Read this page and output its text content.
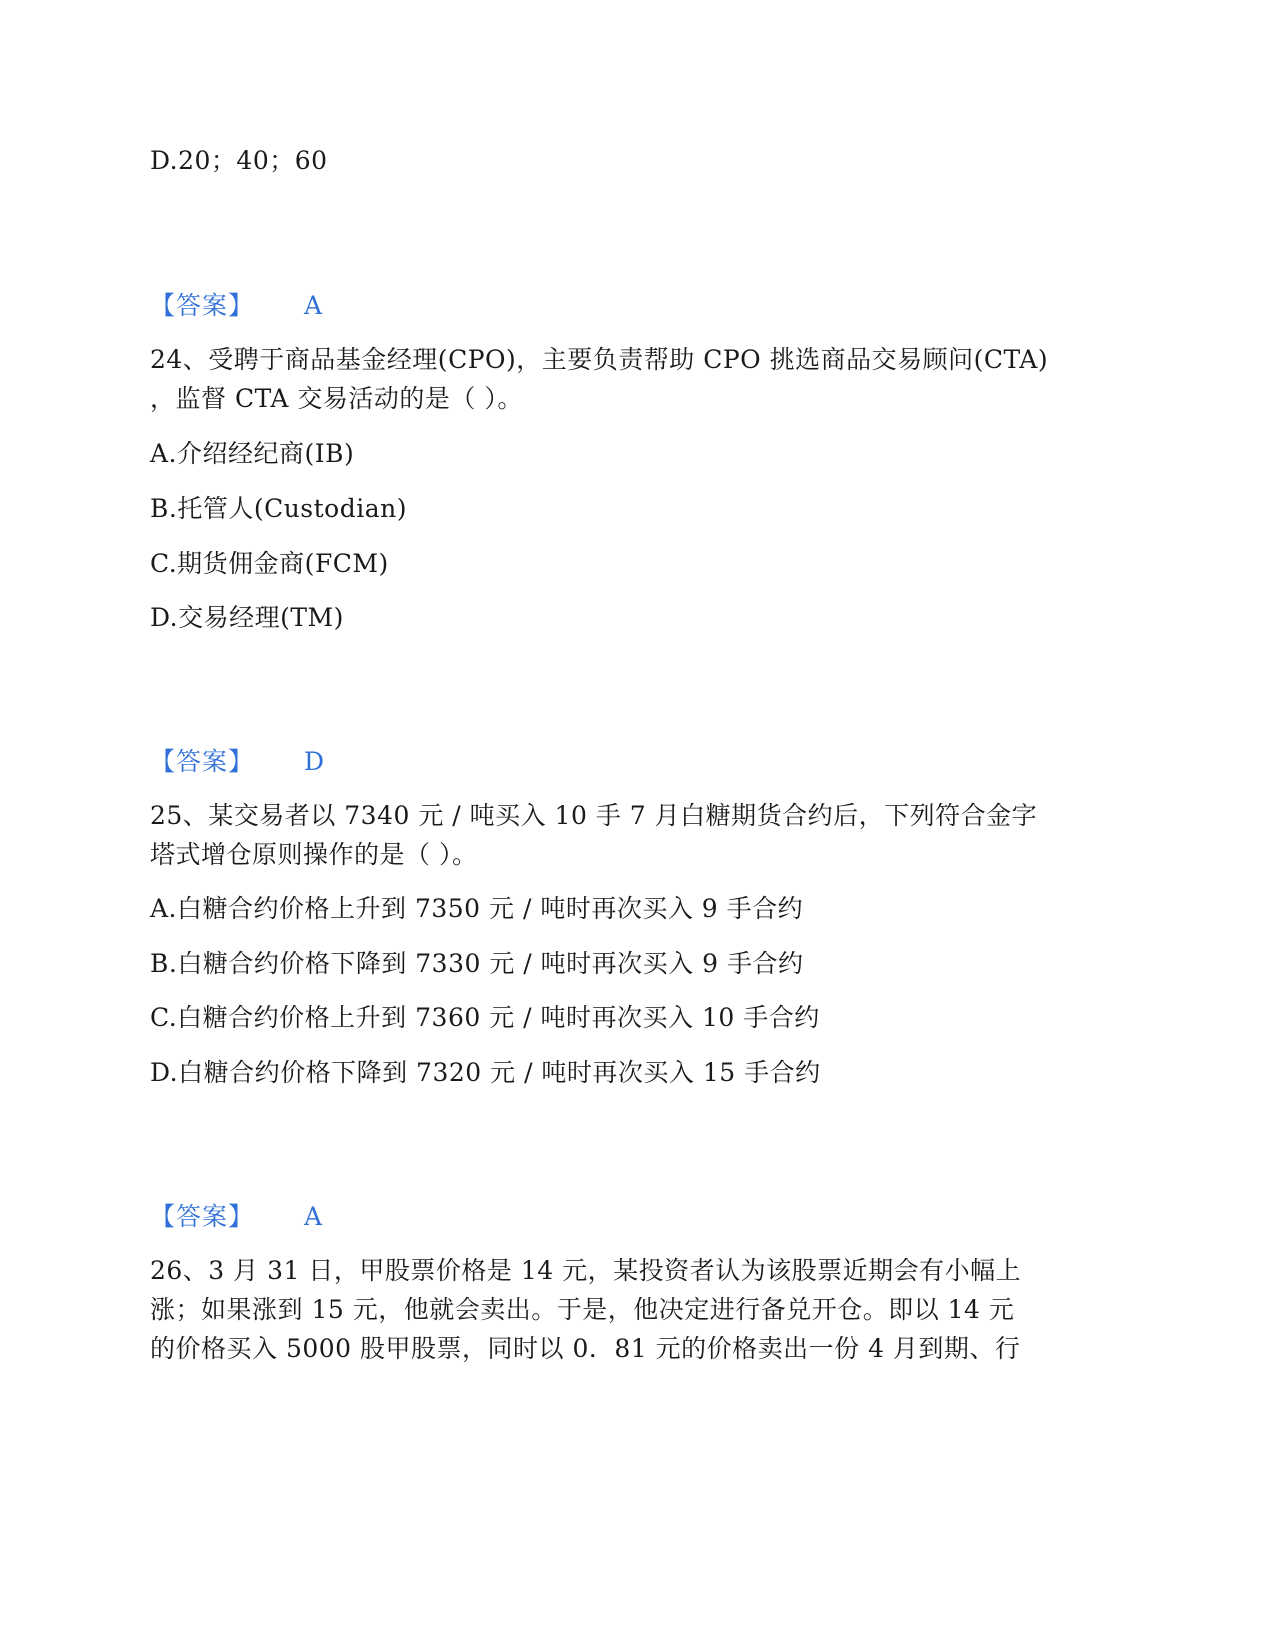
D.20；40；60
【答案】 A
24、受聘于商品基金经理(CPO)，主要负责帮助 CPO 挑选商品交易顾问(CTA)
，监督 CTA 交易活动的是（ ）。
A.介绍经纪商(IB)
B.托管人(Custodian)
C.期货佣金商(FCM)
D.交易经理(TM)
【答案】 D
25、某交易者以 7340 元 / 吨买入 10 手 7 月白糖期货合约后，下列符合金字
塔式增仓原则操作的是（ ）。
A.白糖合约价格上升到 7350 元 / 吨时再次买入 9 手合约
B.白糖合约价格下降到 7330 元 / 吨时再次买入 9 手合约
C.白糖合约价格上升到 7360 元 / 吨时再次买入 10 手合约
D.白糖合约价格下降到 7320 元 / 吨时再次买入 15 手合约
【答案】 A
26、3 月 31 日，甲股票价格是 14 元，某投资者认为该股票近期会有小幅上
涨；如果涨到 15 元，他就会卖出。于是，他决定进行备兑开仓。即以 14 元
的价格买入 5000 股甲股票，同时以 0．81 元的价格卖出一份 4 月到期、行
